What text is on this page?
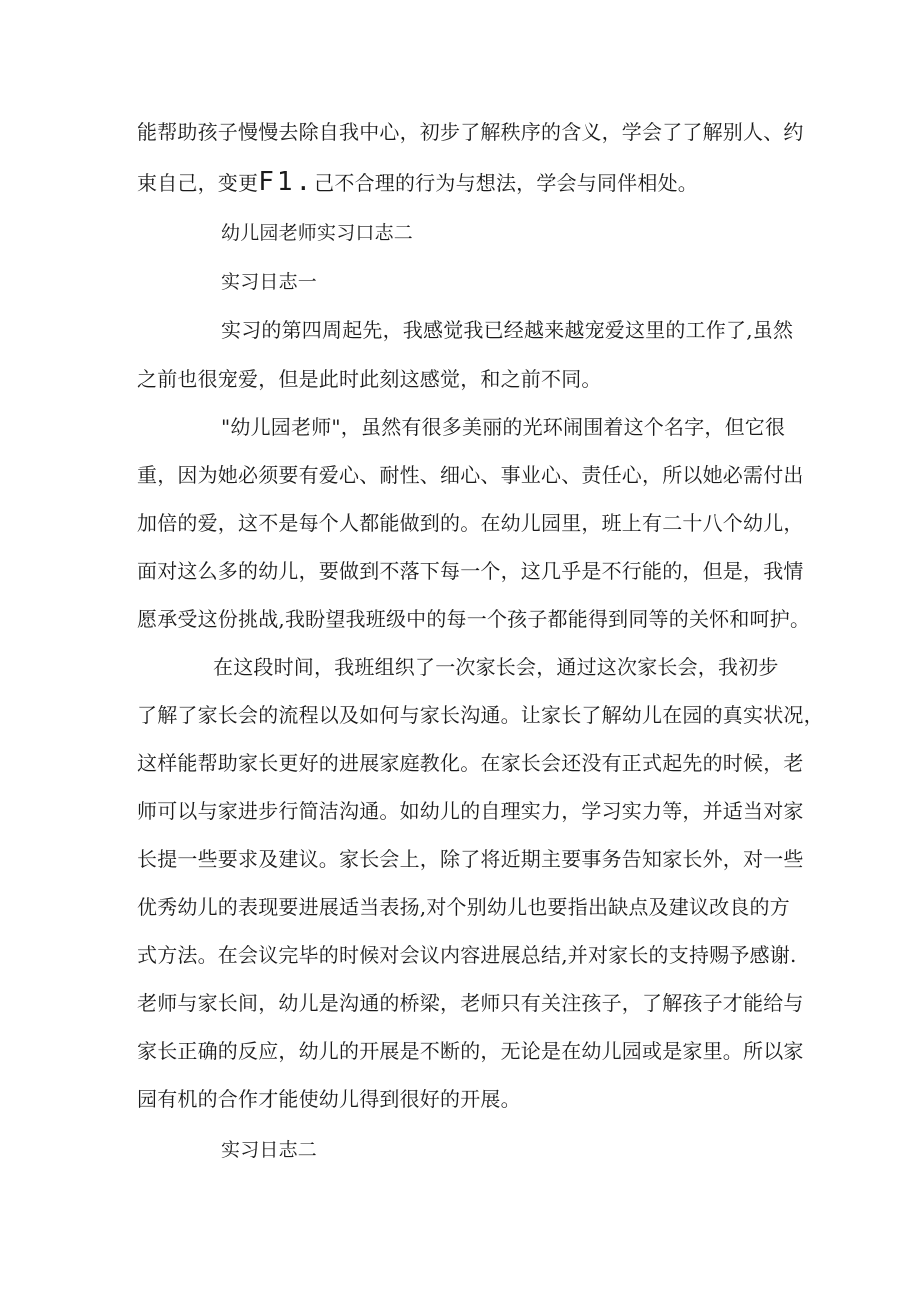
能帮助孩子慢慢去除自我中心，初步了解秩序的含义，学会了了解别人、约
束自己，变更F1.己不合理的行为与想法，学会与同伴相处。
幼儿园老师实习口志二
实习日志一
实习的第四周起先，我感觉我已经越来越宠爱这里的工作了,虽然
之前也很宠爱，但是此时此刻这感觉，和之前不同。
"幼儿园老师"，虽然有很多美丽的光环闹围着这个名字，但它很
重，因为她必须要有爱心、耐性、细心、事业心、责任心，所以她必需付出
加倍的爱，这不是每个人都能做到的。在幼儿园里，班上有二十八个幼儿，
面对这么多的幼儿，要做到不落下每一个，这几乎是不行能的，但是，我情
愿承受这份挑战,我盼望我班级中的每一个孩子都能得到同等的关怀和呵护。
在这段时间，我班组织了一次家长会，通过这次家长会，我初步
了解了家长会的流程以及如何与家长沟通。让家长了解幼儿在园的真实状况，
这样能帮助家长更好的进展家庭教化。在家长会还没有正式起先的时候，老
师可以与家进步行简洁沟通。如幼儿的自理实力，学习实力等，并适当对家
长提一些要求及建议。家长会上，除了将近期主要事务告知家长外，对一些
优秀幼儿的表现要进展适当表扬,对个别幼儿也要指出缺点及建议改良的方
式方法。在会议完毕的时候对会议内容进展总结,并对家长的支持赐予感谢.
老师与家长间，幼儿是沟通的桥梁，老师只有关注孩子，了解孩子才能给与
家长正确的反应，幼儿的开展是不断的，无论是在幼儿园或是家里。所以家
园有机的合作才能使幼儿得到很好的开展。
实习日志二
